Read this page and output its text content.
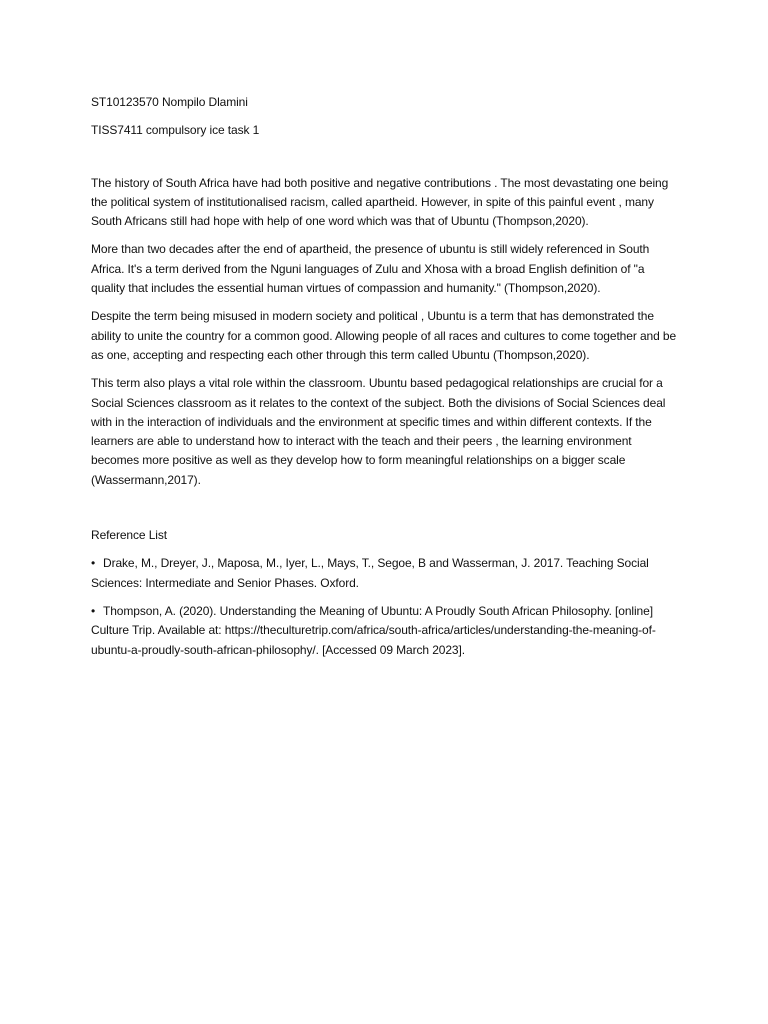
ST10123570 Nompilo Dlamini

TISS7411 compulsory ice task 1

The history of South Africa have had both positive and negative contributions . The most devastating one being the political system of institutionalised racism, called apartheid. However, in spite of this painful event , many South Africans still had hope with help of one word which was that of Ubuntu (Thompson,2020).

More than two decades after the end of apartheid, the presence of ubuntu is still widely referenced in South Africa. It's a term derived from the Nguni languages of Zulu and Xhosa with a broad English definition of "a quality that includes the essential human virtues of compassion and humanity." (Thompson,2020).

Despite the term being misused in modern society and political , Ubuntu is a term that has demonstrated the ability to unite the country for a common good. Allowing people of all races and cultures to come together and be as one, accepting and respecting each other through this term called Ubuntu (Thompson,2020).

This term also plays a vital role within the classroom. Ubuntu based pedagogical relationships are crucial for a Social Sciences classroom as it relates to the context of the subject. Both the divisions of Social Sciences deal with in the interaction of individuals and the environment at specific times and within different contexts. If the learners are able to understand how to interact with the teach and their peers , the learning environment becomes more positive as well as they develop how to form meaningful relationships on a bigger scale (Wassermann,2017).

Reference List

• Drake, M., Dreyer, J., Maposa, M., Iyer, L., Mays, T., Segoe, B and Wasserman, J. 2017. Teaching Social Sciences: Intermediate and Senior Phases. Oxford.

• Thompson, A. (2020). Understanding the Meaning of Ubuntu: A Proudly South African Philosophy. [online] Culture Trip. Available at: https://theculturetrip.com/africa/south-africa/articles/understanding-the-meaning-of-ubuntu-a-proudly-south-african-philosophy/. [Accessed 09 March 2023].
